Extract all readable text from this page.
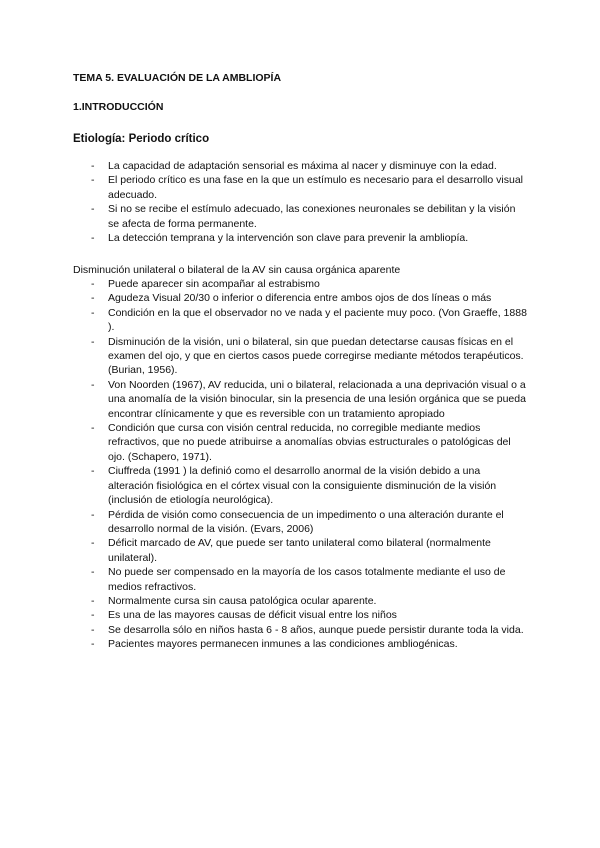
TEMA 5. EVALUACIÓN DE LA AMBLIOPÍA
1.INTRODUCCIÓN
Etiología: Periodo crítico
- La capacidad de adaptación sensorial es máxima al nacer y disminuye con la edad.
- El periodo crítico es una fase en la que un estímulo es necesario para el desarrollo visual adecuado.
- Si no se recibe el estímulo adecuado, las conexiones neuronales se debilitan y la visión se afecta de forma permanente.
- La detección temprana y la intervención son clave para prevenir la ambliopía.

Disminución unilateral o bilateral de la AV sin causa orgánica aparente

- Puede aparecer sin acompañar al estrabismo
- Agudeza Visual 20/30 o inferior o diferencia entre ambos ojos de dos líneas o más
- Condición en la que el observador no ve nada y el paciente muy poco. (Von Graeffe, 1888 ).
- Disminución de la visión, uni o bilateral, sin que puedan detectarse causas físicas en el examen del ojo, y que en ciertos casos puede corregirse mediante métodos terapéuticos. (Burian, 1956).
- Von Noorden (1967), AV reducida, uni o bilateral, relacionada a una deprivación visual o a una anomalía de la visión binocular, sin la presencia de una lesión orgánica que se pueda encontrar clínicamente y que es reversible con un tratamiento apropiado
- Condición que cursa con visión central reducida, no corregible mediante medios refractivos, que no puede atribuirse a anomalías obvias estructurales o patológicas del ojo. (Schapero, 1971).
- Ciuffreda (1991 ) la definió como el desarrollo anormal de la visión debido a una alteración fisiológica en el córtex visual con la consiguiente disminución de la visión (inclusión de etiología neurológica).
- Pérdida de visión como consecuencia de un impedimento o una alteración durante el desarrollo normal de la visión. (Evars, 2006)
- Déficit marcado de AV, que puede ser tanto unilateral como bilateral (normalmente unilateral).
- No puede ser compensado en la mayoría de los casos totalmente mediante el uso de medios refractivos.
- Normalmente cursa sin causa patológica ocular aparente.
- Es una de las mayores causas de déficit visual entre los niños
- Se desarrolla sólo en niños hasta 6 - 8 años, aunque puede persistir durante toda la vida.
- Pacientes mayores permanecen inmunes a las condiciones ambliogénicas.
